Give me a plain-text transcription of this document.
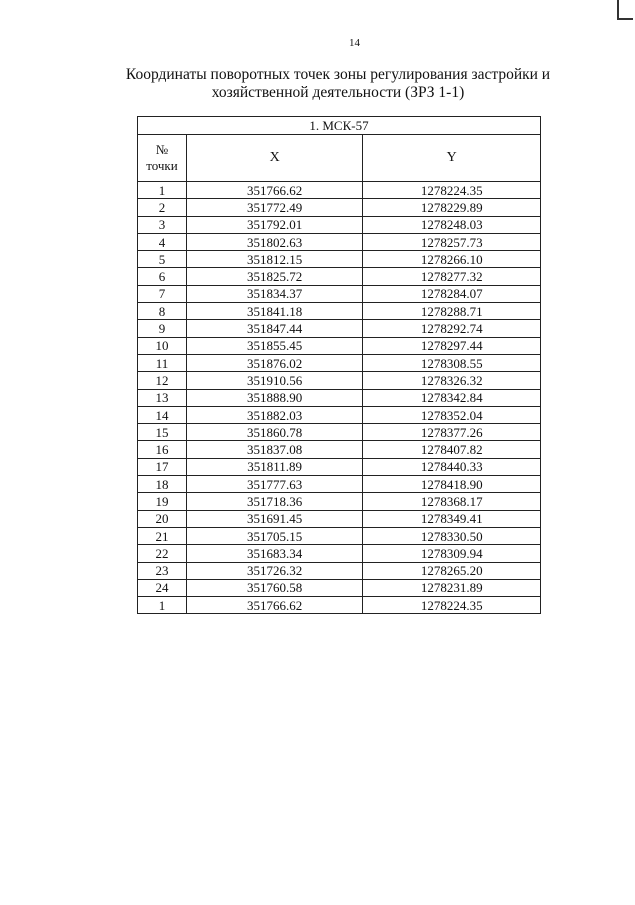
14
Координаты поворотных точек зоны регулирования застройки и
хозяйственной деятельности (ЗРЗ 1-1)
1. МСК-57		

№
точки	X	Y
1	351766.62	1278224.35
2	351772.49	1278229.89
3	351792.01	1278248.03
4	351802.63	1278257.73
5	351812.15	1278266.10
6	351825.72	1278277.32
7	351834.37	1278284.07
8	351841.18	1278288.71
9	351847.44	1278292.74
10	351855.45	1278297.44
11	351876.02	1278308.55
12	351910.56	1278326.32
13	351888.90	1278342.84
14	351882.03	1278352.04
15	351860.78	1278377.26
16	351837.08	1278407.82
17	351811.89	1278440.33
18	351777.63	1278418.90
19	351718.36	1278368.17
20	351691.45	1278349.41
21	351705.15	1278330.50
22	351683.34	1278309.94
23	351726.32	1278265.20
24	351760.58	1278231.89
1	351766.62	1278224.35
